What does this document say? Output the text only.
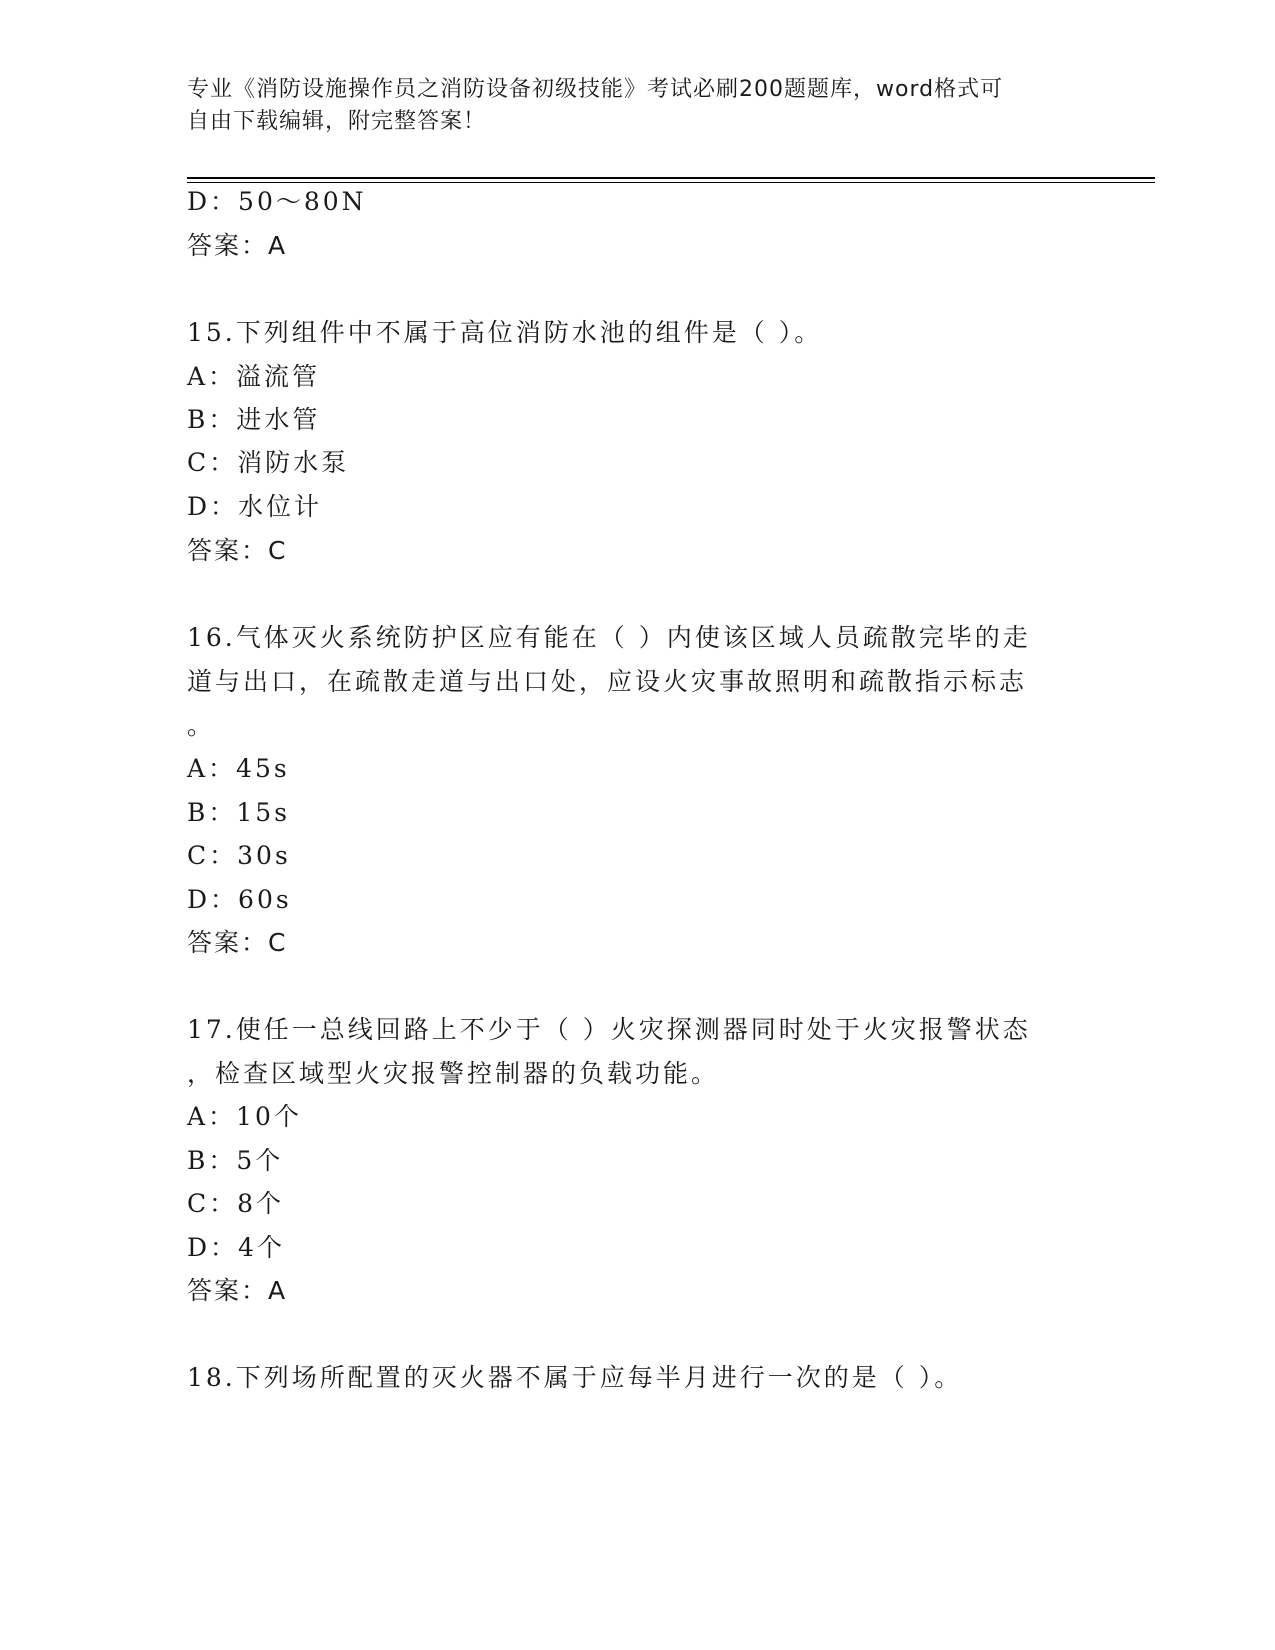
专业《消防设施操作员之消防设备初级技能》考试必刷200题题库，word格式可

自由下载编辑，附完整答案！

D：50～80N
答案：A
15.下列组件中不属于高位消防水池的组件是（ ）。
A：溢流管
B：进水管
C：消防水泵
D：水位计
答案：C
16.气体灭火系统防护区应有能在（ ）内使该区域人员疏散完毕的走
道与出口，在疏散走道与出口处，应设火灾事故照明和疏散指示标志
。
A：45s
B：15s
C：30s
D：60s
答案：C
17.使任一总线回路上不少于（ ）火灾探测器同时处于火灾报警状态
，检查区域型火灾报警控制器的负载功能。
A：10个
B：5个
C：8个
D：4个
答案：A
18.下列场所配置的灭火器不属于应每半月进行一次的是（ ）。
